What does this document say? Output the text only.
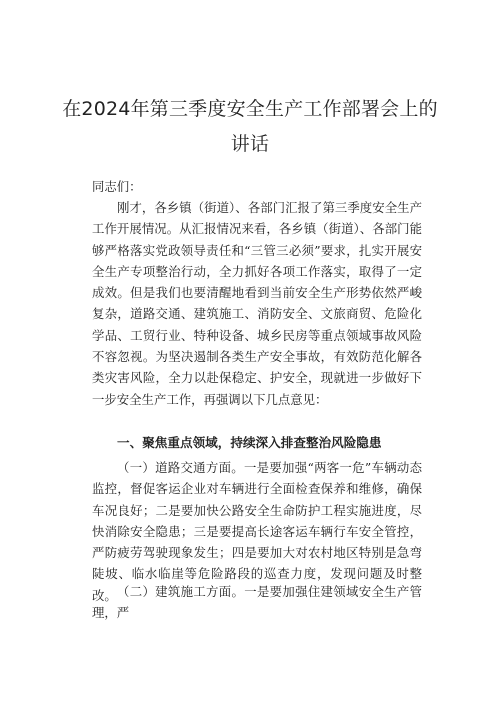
在2024年第三季度安全生产工作部署会上的
讲话

同志们：

刚才，各乡镇（街道）、各部门汇报了第三季度安全生产工作开展情况。从汇报情况来看，各乡镇（街道）、各部门能够严格落实党政领导责任和“三管三必须”要求，扎实开展安全生产专项整治行动，全力抓好各项工作落实，取得了一定成效。但是我们也要清醒地看到当前安全生产形势依然严峻复杂，道路交通、建筑施工、消防安全、文旅商贸、危险化学品、工贸行业、特种设备、城乡民房等重点领域事故风险不容忽视。为坚决遏制各类生产安全事故，有效防范化解各类灾害风险，全力以赴保稳定、护安全，现就进一步做好下一步安全生产工作，再强调以下几点意见：

一、聚焦重点领域，持续深入排查整治风险隐患

（一）道路交通方面。一是要加强“两客一危”车辆动态监控，督促客运企业对车辆进行全面检查保养和维修，确保车况良好；二是要加快公路安全生命防护工程实施进度，尽快消除安全隐患；三是要提高长途客运车辆行车安全管控，严防疲劳驾驶现象发生；四是要加大对农村地区特别是急弯陡坡、临水临崖等危险路段的巡查力度，发现问题及时整改。 （二）建筑施工方面。一是要加强住建领域安全生产管理，严
